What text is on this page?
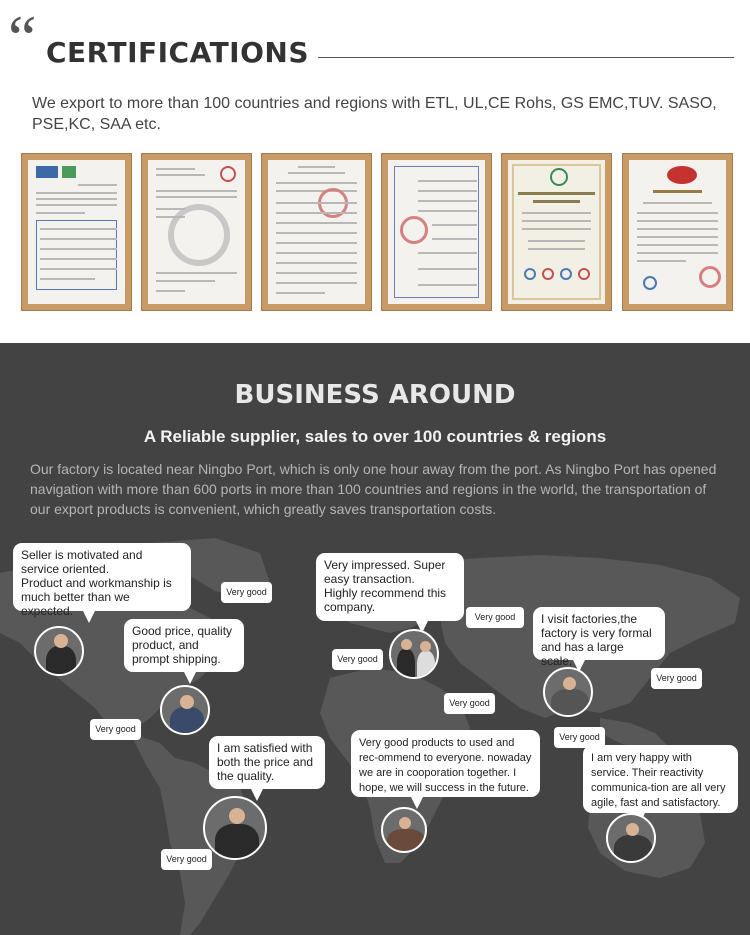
“ CERTIFICATIONS

We export to more than 100 countries and regions with ETL, UL,CE Rohs, GS EMC,TUV. SASO, PSE,KC, SAA etc.

BUSINESS AROUND
A Reliable supplier, sales to over 100 countries & regions

Our factory is located near Ningbo Port, which is only one hour away from the port. As Ningbo Port has opened navigation with more than 600 ports in more than 100 countries and regions in the world, the transportation of our export products is convenient, which greatly saves transportation costs.

Seller is motivated and service oriented.
Product and workmanship is much better than we expected.
Very good
Good price, quality product, and prompt shipping.
Very good
Very impressed. Super easy transaction.
Highly recommend this company.
Very good
Very good
Very good
I visit factories,the factory is very formal and has a large scale.
Very good
I am satisfied with both the price and the quality.
Very good
Very good products to used and rec-ommend to everyone. nowaday we are in cooporation together. I hope, we will success in the future.
Very good
I am very happy with service. Their reactivity communica-tion are all very agile, fast and satisfactory.
